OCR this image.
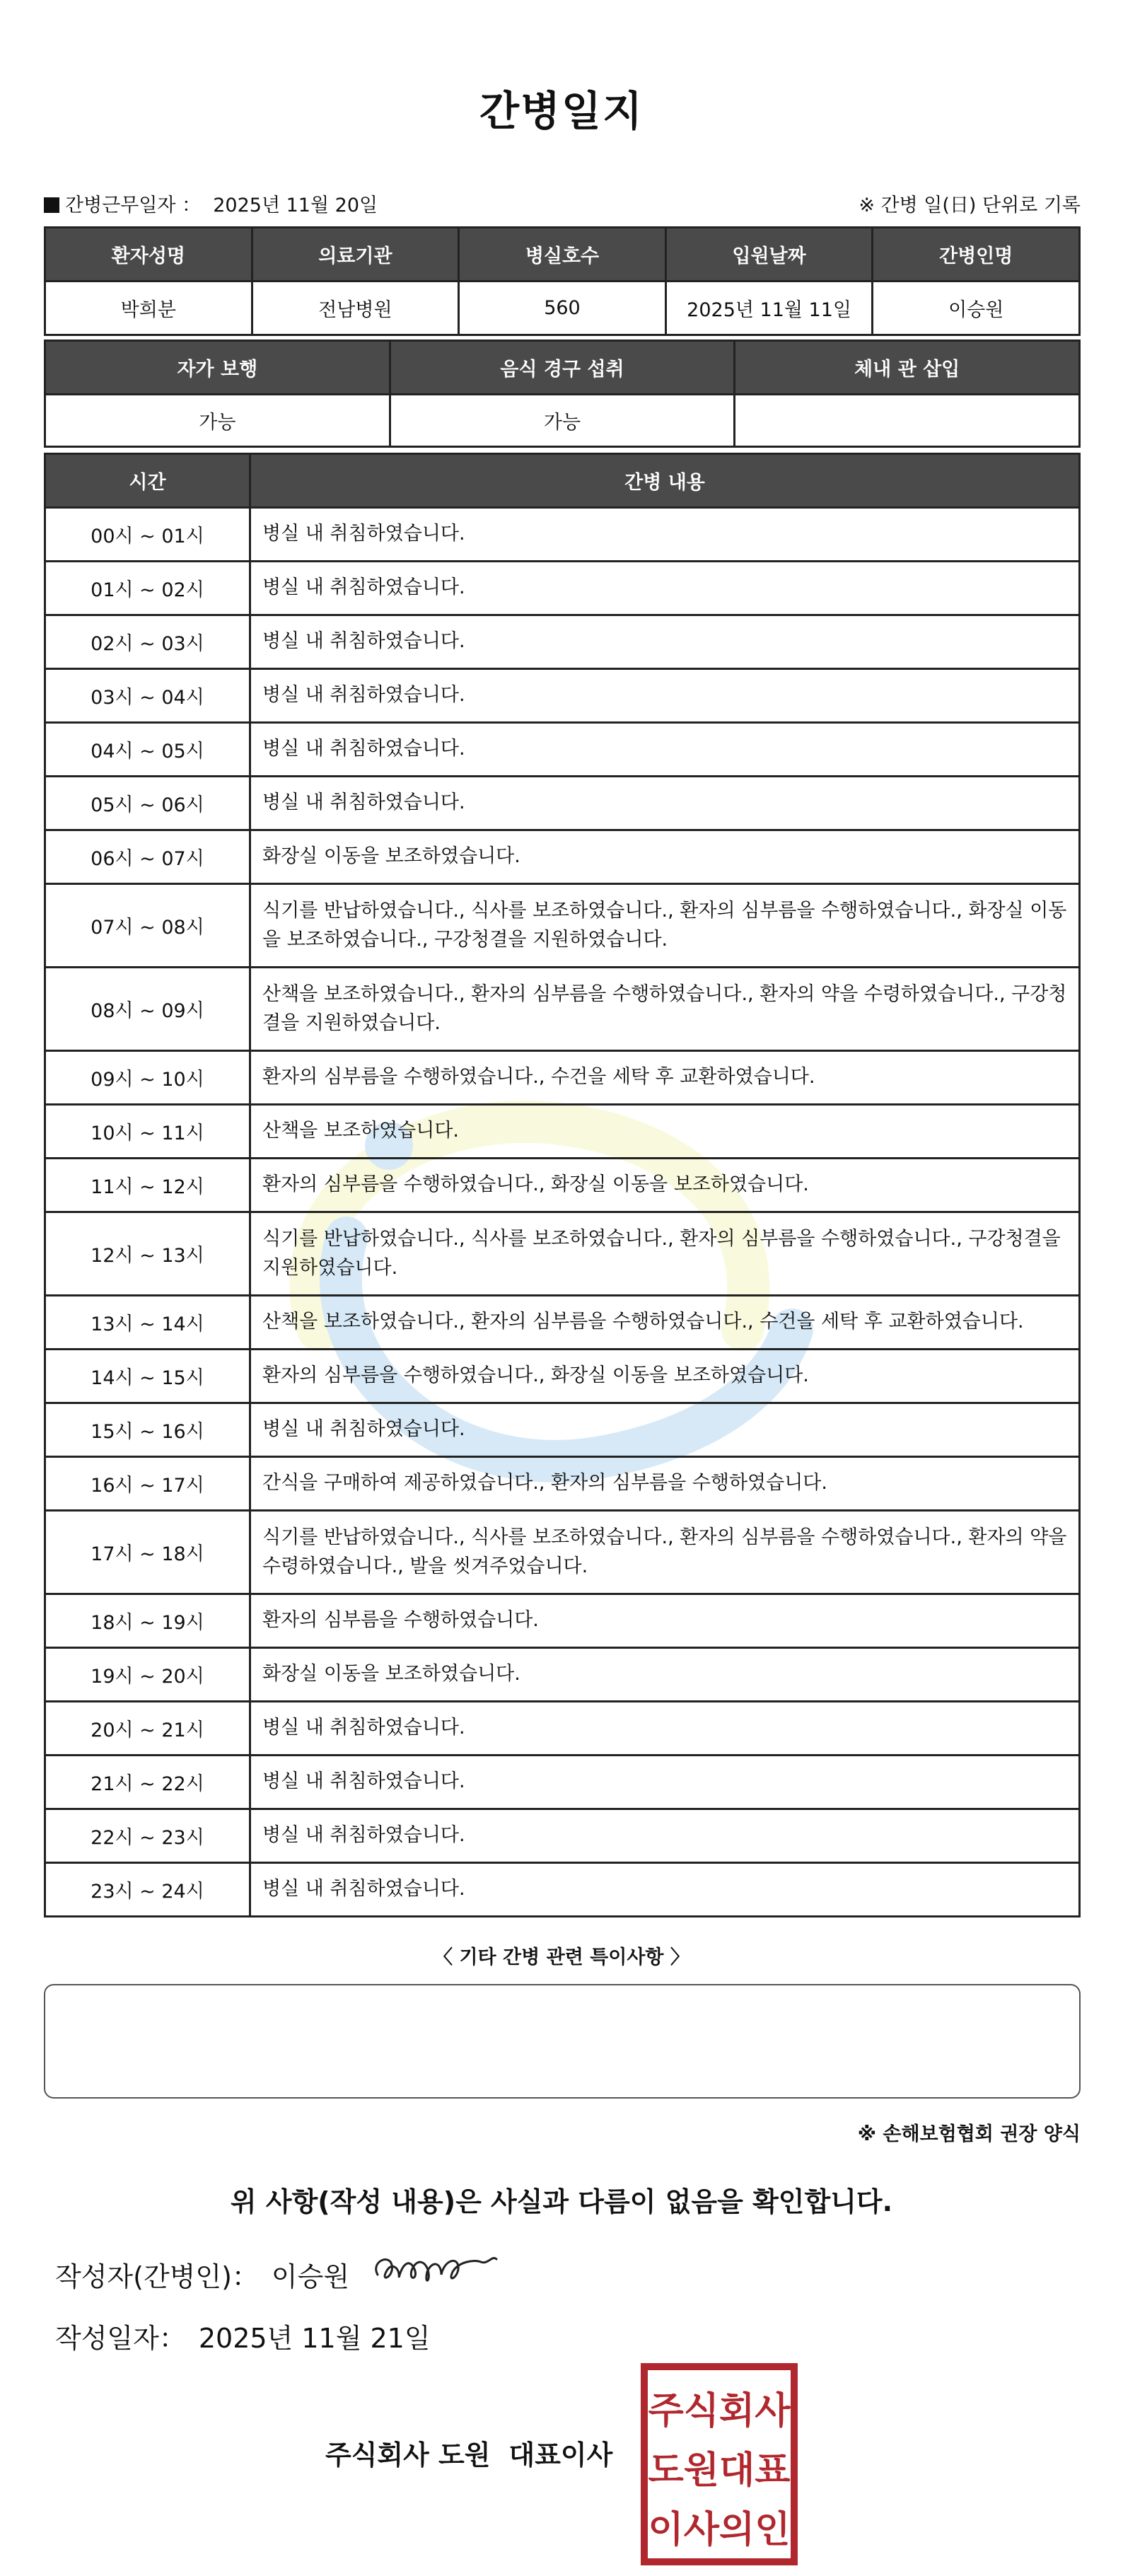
간병일지
간병근무일자 ： 2025년 11월 20일	※ 간병 일(日) 단위로 기록
환자성명	의료기관	병실호수	입원날짜	간병인명
박희분	전남병원	560	2025년 11월 11일	이승원
자가 보행	음식 경구 섭취	체내 관 삽입
가능	가능	
시간	간병 내용
00시 ~ 01시	병실 내 취침하였습니다.
01시 ~ 02시	병실 내 취침하였습니다.
02시 ~ 03시	병실 내 취침하였습니다.
03시 ~ 04시	병실 내 취침하였습니다.
04시 ~ 05시	병실 내 취침하였습니다.
05시 ~ 06시	병실 내 취침하였습니다.
06시 ~ 07시	화장실 이동을 보조하였습니다.
07시 ~ 08시	식기를 반납하였습니다., 식사를 보조하였습니다., 환자의 심부름을 수행하였습니다., 화장실 이동을 보조하였습니다., 구강청결을 지원하였습니다.
08시 ~ 09시	산책을 보조하였습니다., 환자의 심부름을 수행하였습니다., 환자의 약을 수령하였습니다., 구강청결을 지원하였습니다.
09시 ~ 10시	환자의 심부름을 수행하였습니다., 수건을 세탁 후 교환하였습니다.
10시 ~ 11시	산책을 보조하였습니다.
11시 ~ 12시	환자의 심부름을 수행하였습니다., 화장실 이동을 보조하였습니다.
12시 ~ 13시	식기를 반납하였습니다., 식사를 보조하였습니다., 환자의 심부름을 수행하였습니다., 구강청결을 지원하였습니다.
13시 ~ 14시	산책을 보조하였습니다., 환자의 심부름을 수행하였습니다., 수건을 세탁 후 교환하였습니다.
14시 ~ 15시	환자의 심부름을 수행하였습니다., 화장실 이동을 보조하였습니다.
15시 ~ 16시	병실 내 취침하였습니다.
16시 ~ 17시	간식을 구매하여 제공하였습니다., 환자의 심부름을 수행하였습니다.
17시 ~ 18시	식기를 반납하였습니다., 식사를 보조하였습니다., 환자의 심부름을 수행하였습니다., 환자의 약을 수령하였습니다., 발을 씻겨주었습니다.
18시 ~ 19시	환자의 심부름을 수행하였습니다.
19시 ~ 20시	화장실 이동을 보조하였습니다.
20시 ~ 21시	병실 내 취침하였습니다.
21시 ~ 22시	병실 내 취침하였습니다.
22시 ~ 23시	병실 내 취침하였습니다.
23시 ~ 24시	병실 내 취침하였습니다.
〈 기타 간병 관련 특이사항 〉
※ 손해보험협회 권장 양식
위 사항(작성 내용)은 사실과 다름이 없음을 확인합니다.
작성자(간병인)： 이승원
작성일자： 2025년 11월 21일
주식회사 도원 대표이사
주식회사
도원대표
이사의인
